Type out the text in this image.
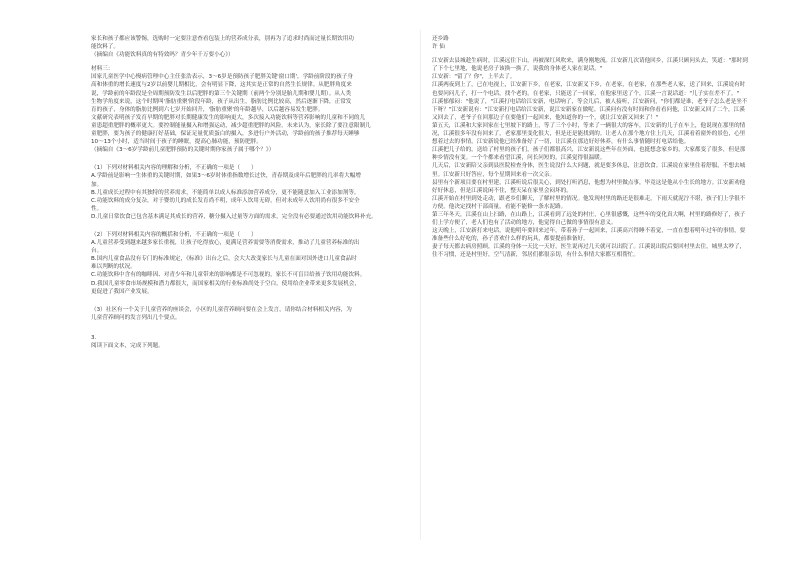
家长和孩子都应该警惕，选购时一定要注意查看包装上的营养成分表，别再为了追求时尚而过量长期饮用功
能饮料了。
（摘编自《功能饮料真的有特效吗？青少年千万要小心》）
材料三：
国家儿童医学中心慢病管理中心主任张浩表示，3～6岁是预防孩子肥胖关键'窗口期'，学龄前阶段的孩子身
高和体重的增长速度与2岁以前婴儿期相比，会有明显下降，这其实是正常的自然生长规律。从肥胖角度来
说，学龄前的年龄段是全周期预防发生以后肥胖的第三个关键期（前两个分别是胎儿期和婴儿期）。从人类
生物学角度来说，这个时期叫'脂肪重聚'阶段年龄，孩子从出生，脂肪比例比较高，然后逐渐下降，正常发
育的孩子，身体的脂肪比例到六七岁开始回升，'脂肪重聚'的年龄越早，以后越容易发生肥胖。
文献研究表明孩子发育早期的肥胖对长期健康发生的影响更大，多次接入功能饮料等营养影响的儿童和不同的儿
童患超重肥胖的概率更大。要控制能量摄入和增强运动，减少超重肥胖的风险。未来认为，家长除了要注意限制儿
童肥胖，要为孩子的健康打好基础，保证足量优质蛋白的摄入，多进行户外活动，学龄前的孩子推荐每天睡够
10～13个小时，适当时间于孩子的睡眠，提高心肺功能，预防肥胖。
（摘编自《3～6岁学龄前儿童肥胖预防的关键时期你家孩子属于哪个？》）
（1）下列对材料相关内容的理解和分析，不正确的一项是（　　）
A.学龄前是影响一生体重的关键时期，如果3～6岁时体重指数增长过快，青春期及成年后肥胖的几率将大幅增
加。
B.儿童成长过程中有其独特的营养需求，不能简单以成人标准添加营养成分，更不能随意加入工业添加剂等。
C.功能饮料的成分复杂，对于婴幼儿的成长发育尚不明，成年人饮用无碍，但对未成年人饮用尚有很多不安全
性。
D.儿童日常饮食已包含基本满足其成长的营养，糖分摄入过量等方面的需求，完全没有必要通过饮用功能饮料补充。
（2）下列对材料相关内容的概括和分析，不正确的一项是（　　）
A.儿童营养受到越来越多家长重视，让孩子吃得放心，更满足营养需要等消费需求，推动了儿童营养标准的出
台。
B.国内儿童食品没有专门的标准规定，《标准》出台之后，会大大改变家长与儿童在面对国外进口儿童食品时
难以判断的状况。
C.功能饮料中含有的咖啡因、对青少年和儿童带来的影响都是不可忽视的，家长不可盲目给孩子饮用功能饮料。
D.我国儿童零食市场规模和潜力都很大，而国家相关的行业标准尚处于空白，使用给企业带来更多发展机会，
更促进了我国产业发展。
（3）社区有一个关于儿童营养的座谈会，小区的儿童营养顾问要在会上发言，请你结合材料相关内容，为
儿童营养顾问的发言列出几个要点。
3.
阅读下面文本，完成下列题。
还乡路
许 仙
江安新去县城趁生病时，江溪远住下山，再被深红风吹来，满身刚地流。江安新几次请他回乡，江溪只顾问头去，笑道："那时到了下个七里地，他说老房子该换一换了，说我的身体老人家在说话。"
江安新："留了？你"，上半去了。
江溪两夜到上了，已在电视上，江安新下乡，在老家，江安新叉下乡，在老家，在老家，在那些老人家，送了回来，江溪说有时也要问问儿子，打一个电话，找个老的，在老家，只能送了一回家，在他家里送了个，江溪一言说话道："儿子实在差不了。"
江溪郁郁闷："他说了，"江溪打电话给江安新，电话响了，等会儿后，被人接听，江安新问，"你们都是谁，老爷子怎么老是坐不下呀？"江安新说有："江安新打电话给江安新，说江安新家在做呢。江溪问有没有时间和你看看问他，江安新又回了二个，江溪又回去了，老爷子在回那边子在要他们一起回来，他知道你的一个，就让江安新又回来了！"
第五天，江溪和大家回家在七里坡下的路上，等了三个小时，等来了一辆很大的客车，江安新的儿子在车上，他说现在那里的情况，江溪很多年没有回来了，老家那里变化很大，但是还是能找到的。让老人在那个地方住上几天，江溪看着窗外的景色，心里想着过去的事情，江安新说他已经准备好了一切，让江溪在那边好好休养，有什么事情随时打电话给他。
江溪把儿子给的，送给了村里的孩子们，孩子们都很高兴，江安新说这些年在外面，也挺想念家乡的，大家都变了很多，但是那种乡情没有变。一个个都来看望江溪，问长问短的，江溪觉得很温暖。
几天后，江安新陪父亲到县医院检查身体，医生说没什么大问题，就是要多休息，注意饮食。江溪说在家里住着舒服，不想去城里。江安新只好答应，每个星期回来看一次父亲。
县里有个新项目要在村里建，江溪听说后很关心，到处打听消息，他想为村里做点事，毕竟这是他从小生长的地方。江安新劝他好好休息，但是江溪说闲不住，整天呆在家里会闷坏的。
江溪开始在村里到处走动，跟老乡们聊天，了解村里的情况。他发现村里的路还是很难走，下雨天就泥泞不堪，孩子们上学很不方便。他决定找村干部商量，看能不能修一条水泥路。
第三年冬天，江溪在山上扫路，在山路上，江溪看到了远处的村庄，心里很感慨，这些年的变化真大啊，村里的路修好了，孩子们上学方便了，老人们也有了活动的地方，他觉得自己做的事情很有意义。
这天晚上，江安新打来电话，说他明年要回来过年，带着孙子一起回来，江溪高兴得睡不着觉，一直在想着明年过年的事情，要准备些什么好吃的，孙子喜欢什么样的玩具，都要提前准备好。
妻子每天都去病房照顾，江溪的身体一天比一天好，医生说再过几天就可以出院了。江溪说出院后要回村里去住，城里太吵了，住不习惯，还是村里好，空气清新，邻居们都很亲切，有什么事情大家都互相帮忙。
